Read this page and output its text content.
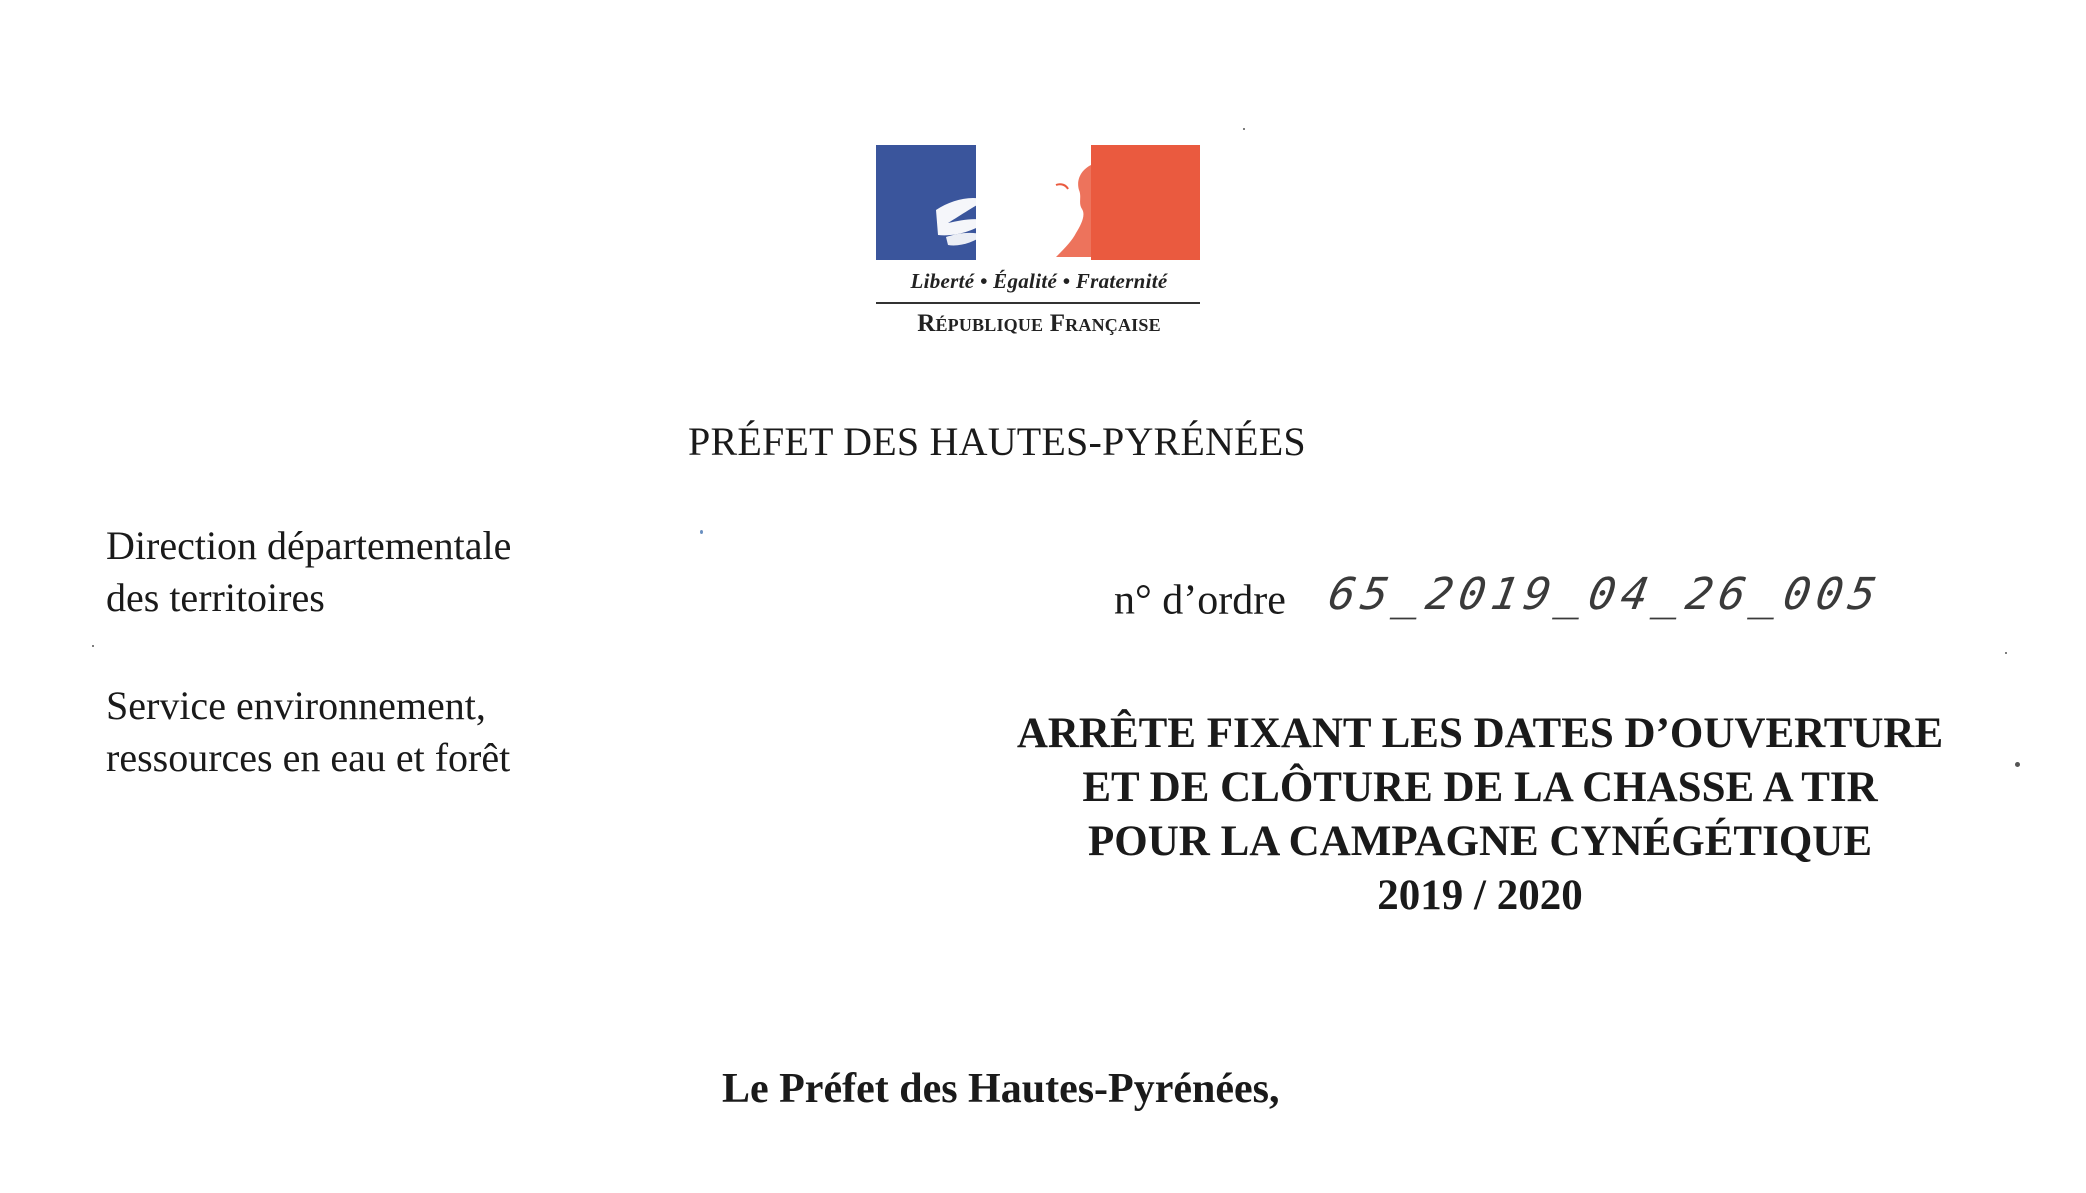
Liberté • Égalité • Fraternité
République Française
PRÉFET DES HAUTES-PYRÉNÉES
Direction départementale
des territoires
Service environnement,
ressources en eau et forêt
n° d’ordre 65_2019_04_26_005
ARRÊTE FIXANT LES DATES D’OUVERTURE
ET DE CLÔTURE DE LA CHASSE A TIR
POUR LA CAMPAGNE CYNÉGÉTIQUE
2019 / 2020
Le Préfet des Hautes-Pyrénées,
